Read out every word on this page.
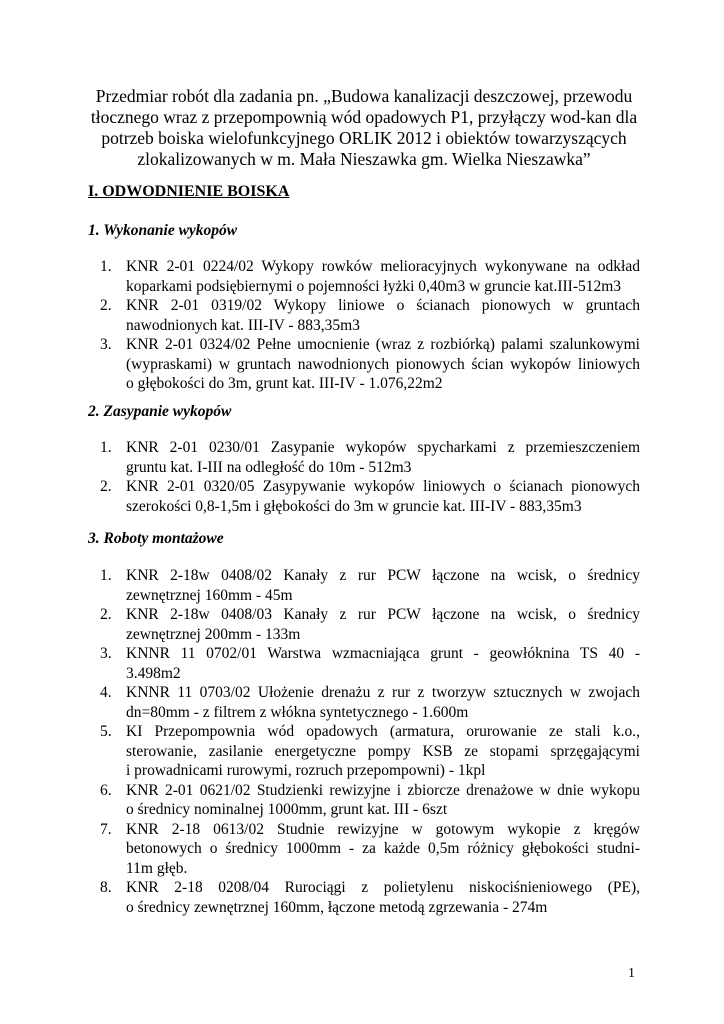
Przedmiar robót dla zadania pn. „Budowa kanalizacji deszczowej, przewodu
tłocznego wraz z przepompownią wód opadowych P1, przyłączy wod-kan dla
potrzeb boiska wielofunkcyjnego ORLIK 2012 i obiektów towarzyszących
zlokalizowanych w m. Mała Nieszawka gm. Wielka Nieszawka”
I. ODWODNIENIE BOISKA
1. Wykonanie wykopów
1. KNR 2-01 0224/02 Wykopy rowków melioracyjnych wykonywane na odkład
koparkami podsiębiernymi o pojemności łyżki 0,40m3 w gruncie kat.III-512m3
2. KNR 2-01 0319/02 Wykopy liniowe o ścianach pionowych w gruntach
nawodnionych kat. III-IV - 883,35m3
3. KNR 2-01 0324/02 Pełne umocnienie (wraz z rozbiórką) palami szalunkowymi
(wypraskami) w gruntach nawodnionych pionowych ścian wykopów liniowych
o głębokości do 3m, grunt kat. III-IV - 1.076,22m2
2. Zasypanie wykopów
1. KNR 2-01 0230/01 Zasypanie wykopów spycharkami z przemieszczeniem
gruntu kat. I-III na odległość do 10m - 512m3
2. KNR 2-01 0320/05 Zasypywanie wykopów liniowych o ścianach pionowych
szerokości 0,8-1,5m i głębokości do 3m w gruncie kat. III-IV - 883,35m3
3. Roboty montażowe
1. KNR 2-18w 0408/02 Kanały z rur PCW łączone na wcisk, o średnicy
zewnętrznej 160mm - 45m
2. KNR 2-18w 0408/03 Kanały z rur PCW łączone na wcisk, o średnicy
zewnętrznej 200mm - 133m
3. KNNR 11 0702/01 Warstwa wzmacniająca grunt - geowłóknina TS 40 -
3.498m2
4. KNNR 11 0703/02 Ułożenie drenażu z rur z tworzyw sztucznych w zwojach
dn=80mm - z filtrem z włókna syntetycznego - 1.600m
5. KI Przepompownia wód opadowych (armatura, orurowanie ze stali k.o.,
sterowanie, zasilanie energetyczne pompy KSB ze stopami sprzęgającymi
i prowadnicami rurowymi, rozruch przepompowni) - 1kpl
6. KNR 2-01 0621/02 Studzienki rewizyjne i zbiorcze drenażowe w dnie wykopu
o średnicy nominalnej 1000mm, grunt kat. III - 6szt
7. KNR 2-18 0613/02 Studnie rewizyjne w gotowym wykopie z kręgów
betonowych o średnicy 1000mm - za każde 0,5m różnicy głębokości studni-
11m głęb.
8. KNR 2-18 0208/04 Rurociągi z polietylenu niskociśnieniowego (PE),
o średnicy zewnętrznej 160mm, łączone metodą zgrzewania - 274m
1
